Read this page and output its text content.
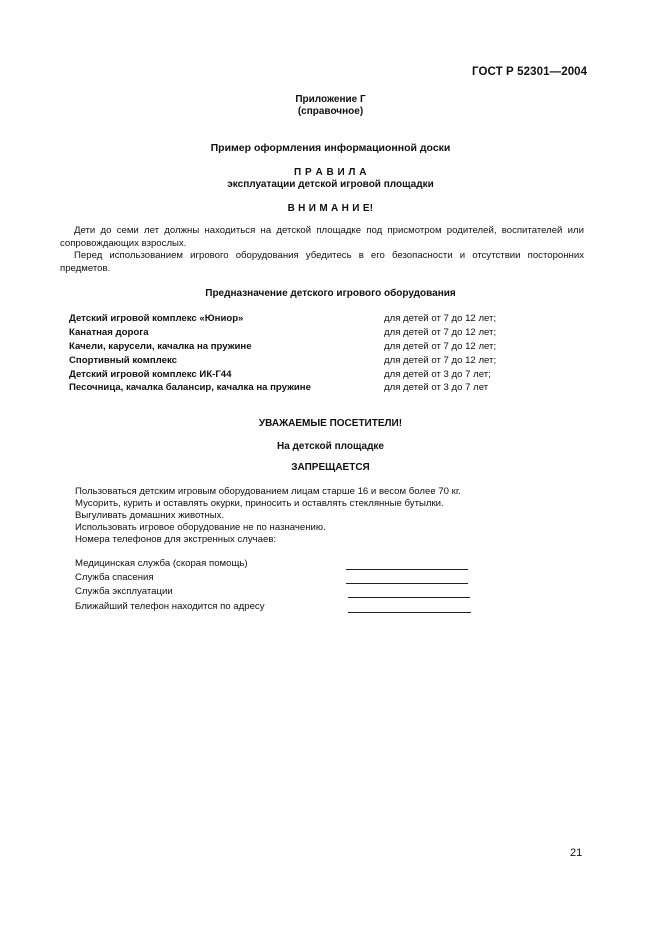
ГОСТ Р 52301—2004
Приложение Г
(справочное)
Пример оформления информационной доски
П Р А В И Л А
эксплуатации детской игровой площадки
В Н И М А Н И Е!
Дети до семи лет должны находиться на детской площадке под присмотром родителей, воспитателей или сопровождающих взрослых.
Перед использованием игрового оборудования убедитесь в его безопасности и отсутствии посторонних предметов.
Предназначение детского игрового оборудования
Детский игровой комплекс «Юниор»	для детей от 7 до 12 лет;
Канатная дорога	для детей от 7 до 12 лет;
Качели, карусели, качалка на пружине	для детей от 7 до 12 лет;
Спортивный комплекс	для детей от 7 до 12 лет;
Детский игровой комплекс ИК-Г44	для детей от 3 до 7 лет;
Песочница, качалка балансир, качалка на пружине	для детей от 3 до 7 лет
УВАЖАЕМЫЕ ПОСЕТИТЕЛИ!
На детской площадке
ЗАПРЕЩАЕТСЯ
Пользоваться детским игровым оборудованием лицам старше 16 и весом более 70 кг.
Мусорить, курить и оставлять окурки, приносить и оставлять стеклянные бутылки.
Выгуливать домашних животных.
Использовать игровое оборудование не по назначению.
Номера телефонов для экстренных случаев:
Медицинская служба (скорая помощь)
Служба спасения
Служба эксплуатации
Ближайший телефон находится по адресу
21
